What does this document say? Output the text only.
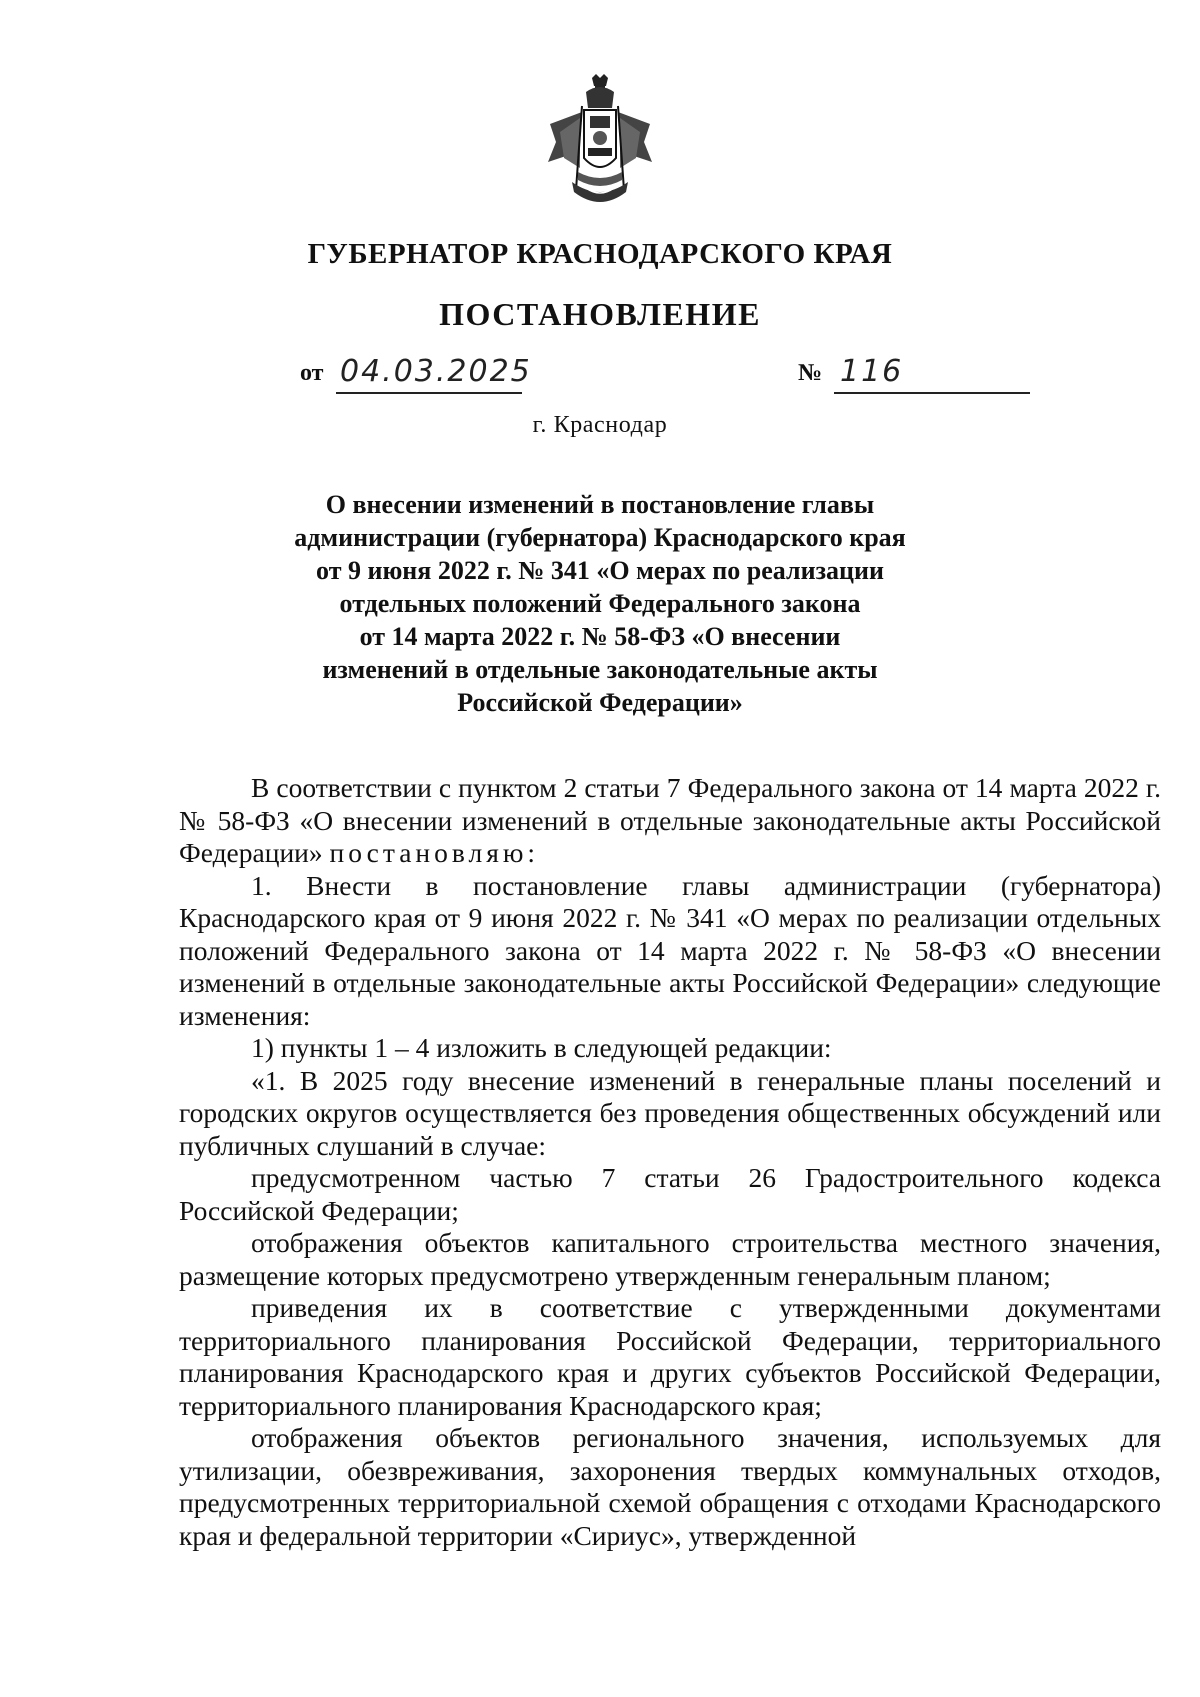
ГУБЕРНАТОР КРАСНОДАРСКОГО КРАЯ
ПОСТАНОВЛЕНИЕ
от 04.03.2025	№ 116
г. Краснодар
О внесении изменений в постановление главы
администрации (губернатора) Краснодарского края
от 9 июня 2022 г. № 341 «О мерах по реализации
отдельных положений Федерального закона
от 14 марта 2022 г. № 58-ФЗ «О внесении
изменений в отдельные законодательные акты
Российской Федерации»

В соответствии с пунктом 2 статьи 7 Федерального закона от 14 марта 2022 г. № 58-ФЗ «О внесении изменений в отдельные законодательные акты Российской Федерации» постановляю:

1. Внести в постановление главы администрации (губернатора) Краснодарского края от 9 июня 2022 г. № 341 «О мерах по реализации отдельных положений Федерального закона от 14 марта 2022 г. № 58-ФЗ «О внесении изменений в отдельные законодательные акты Российской Федерации» следующие изменения:

1) пункты 1 – 4 изложить в следующей редакции:

«1. В 2025 году внесение изменений в генеральные планы поселений и городских округов осуществляется без проведения общественных обсуждений или публичных слушаний в случае:

предусмотренном частью 7 статьи 26 Градостроительного кодекса Российской Федерации;

отображения объектов капитального строительства местного значения, размещение которых предусмотрено утвержденным генеральным планом;

приведения их в соответствие с утвержденными документами территориального планирования Российской Федерации, территориального планирования Краснодарского края и других субъектов Российской Федерации, территориального планирования Краснодарского края;

отображения объектов регионального значения, используемых для утилизации, обезвреживания, захоронения твердых коммунальных отходов, предусмотренных территориальной схемой обращения с отходами Краснодарского края и федеральной территории «Сириус», утвержденной
